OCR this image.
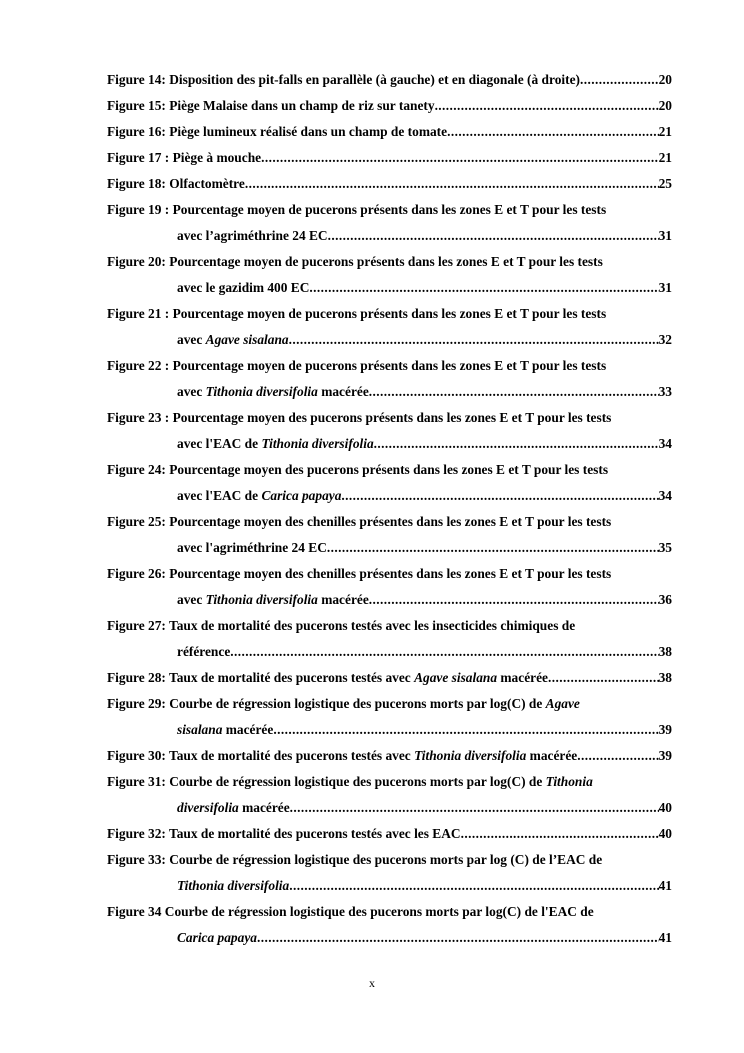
Figure 14: Disposition des pit-falls en parallèle (à gauche) et en diagonale (à droite) .....	20
Figure 15: Piège Malaise dans un champ de riz sur tanety .....	20
Figure 16: Piège lumineux réalisé dans un champ de tomate .....	21
Figure 17 : Piège à mouche .....	21
Figure 18: Olfactomètre .....	25
Figure 19 : Pourcentage moyen de pucerons présents dans les zones E et T pour les tests
avec l’agriméthrine 24 EC .....	31
Figure 20: Pourcentage moyen de pucerons présents dans les zones E et T pour les tests
avec le gazidim 400 EC .....	31
Figure 21 : Pourcentage moyen de pucerons présents dans les zones E et T pour les tests
avec Agave sisalana .....	32
Figure 22 : Pourcentage moyen de pucerons présents dans les zones E et T pour les tests
avec Tithonia diversifolia macérée .....	33
Figure 23 : Pourcentage moyen des pucerons présents dans les zones E et T pour les tests
avec l'EAC de Tithonia diversifolia .....	34
Figure 24: Pourcentage moyen des pucerons présents dans les zones E et T pour les tests
avec l'EAC de Carica papaya .....	34
Figure 25: Pourcentage moyen des chenilles présentes dans les zones E et T pour les tests
avec l'agriméthrine 24 EC .....	35
Figure 26: Pourcentage moyen des chenilles présentes dans les zones E et T pour les tests
avec Tithonia diversifolia macérée .....	36
Figure 27: Taux de mortalité des pucerons testés avec les insecticides chimiques de
référence .....	38
Figure 28: Taux de mortalité des pucerons testés avec Agave sisalana macérée .....	38
Figure 29: Courbe de régression logistique des pucerons morts par log(C) de Agave
sisalana macérée .....	39
Figure 30: Taux de mortalité des pucerons testés avec Tithonia diversifolia macérée .....	39
Figure 31: Courbe de régression logistique des pucerons morts par log(C) de Tithonia
diversifolia macérée .....	40
Figure 32: Taux de mortalité des pucerons testés avec les EAC .....	40
Figure 33: Courbe de régression logistique des pucerons morts par log (C) de l’EAC de
Tithonia diversifolia .....	41
Figure 34 Courbe de régression logistique des pucerons morts par log(C) de l'EAC de
Carica papaya .....	41
x
